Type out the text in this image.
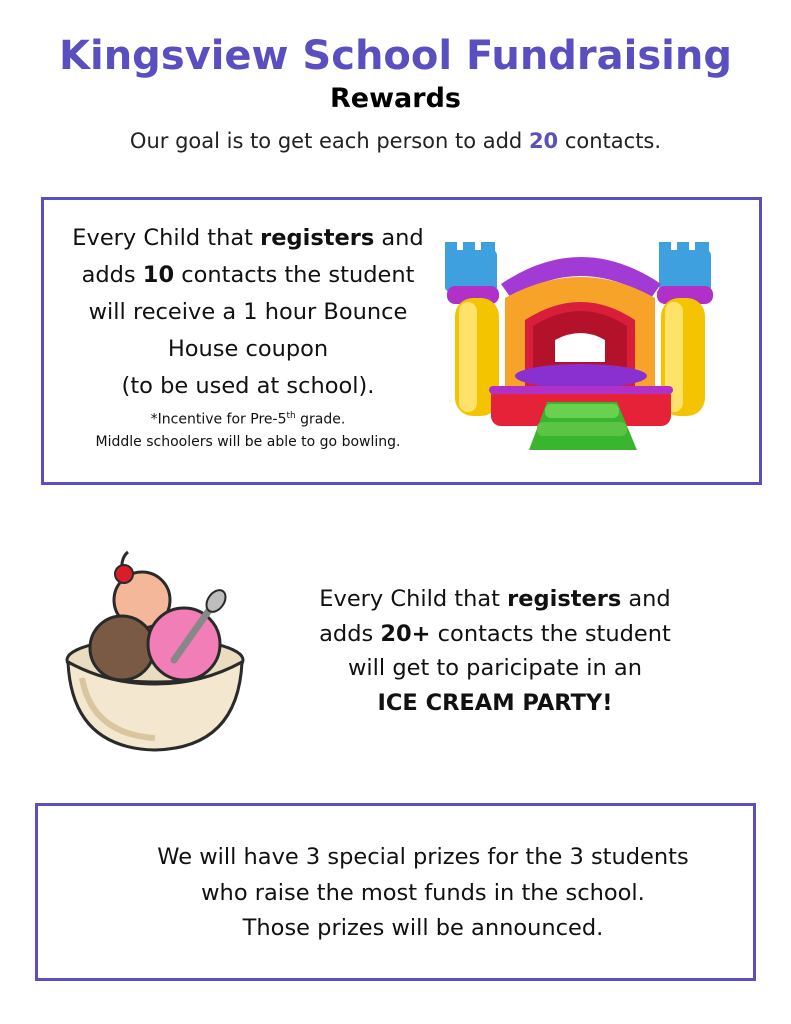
Kingsview School Fundraising
Rewards
Our goal is to get each person to add 20 contacts.
Every Child that registers and
adds 10 contacts the student
will receive a 1 hour Bounce
House coupon
(to be used at school).
*Incentive for Pre-5th grade.
Middle schoolers will be able to go bowling.
Every Child that registers and
adds 20+ contacts the student
will get to paricipate in an
ICE CREAM PARTY!
We will have 3 special prizes for the 3 students
who raise the most funds in the school.
Those prizes will be announced.
